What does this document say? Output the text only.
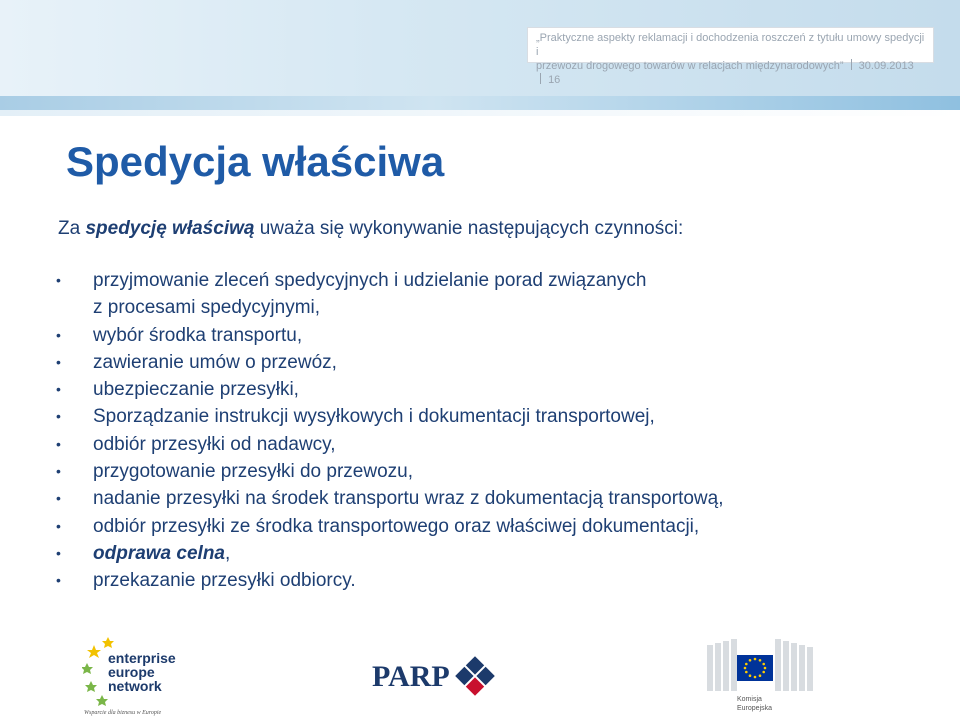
„Praktyczne aspekty reklamacji i dochodzenia roszczeń z tytułu umowy spedycji i
przewozu drogowego towarów w relacjach międzynarodowych” 30.09.2013  16
Spedycja właściwa
Za spedycję właściwą uważa się wykonywanie następujących czynności:
• przyjmowanie zleceń spedycyjnych i udzielanie porad związanych
z procesami spedycyjnymi,
• wybór środka transportu,
• zawieranie umów o przewóz,
• ubezpieczanie przesyłki,
• Sporządzanie instrukcji wysyłkowych i dokumentacji transportowej,
• odbiór przesyłki od nadawcy,
• przygotowanie przesyłki do przewozu,
• nadanie przesyłki na środek transportu wraz z dokumentacją transportową,
• odbiór przesyłki ze środka transportowego oraz właściwej dokumentacji,
• odprawa celna,
• przekazanie przesyłki odbiorcy.
enterprise
europe
network
Wsparcie dla biznesu w Europie
PARP
Komisja
Europejska
